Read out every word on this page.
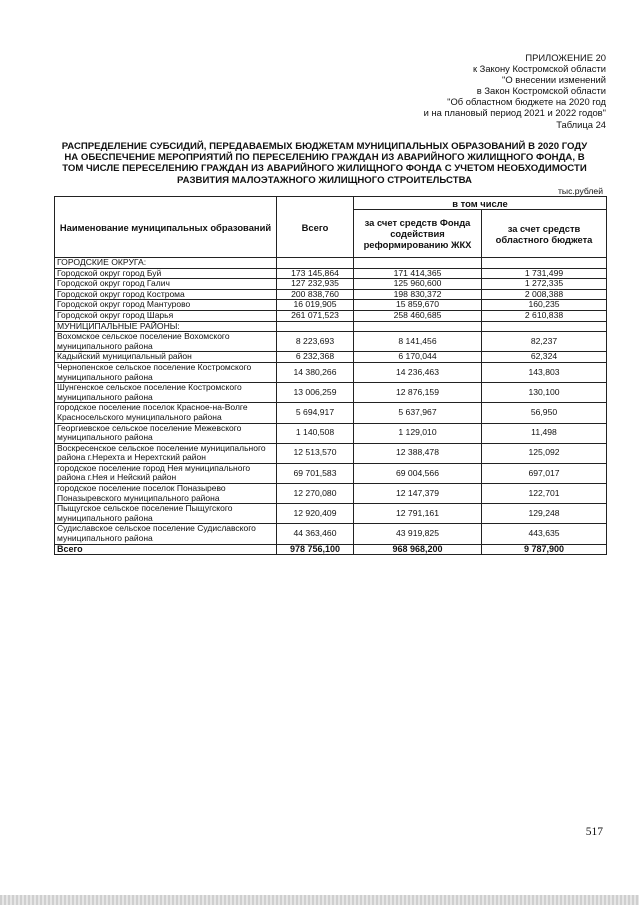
ПРИЛОЖЕНИЕ 20
к Закону Костромской области
"О внесении изменений
в Закон Костромской области
"Об областном бюджете на 2020 год
и на плановый период 2021 и 2022 годов"
Таблица 24
РАСПРЕДЕЛЕНИЕ СУБСИДИЙ, ПЕРЕДАВАЕМЫХ БЮДЖЕТАМ МУНИЦИПАЛЬНЫХ ОБРАЗОВАНИЙ В 2020 ГОДУ
НА ОБЕСПЕЧЕНИЕ МЕРОПРИЯТИЙ ПО ПЕРЕСЕЛЕНИЮ ГРАЖДАН ИЗ АВАРИЙНОГО ЖИЛИЩНОГО ФОНДА, В
ТОМ ЧИСЛЕ ПЕРЕСЕЛЕНИЮ ГРАЖДАН ИЗ АВАРИЙНОГО ЖИЛИЩНОГО ФОНДА С УЧЕТОМ НЕОБХОДИМОСТИ
РАЗВИТИЯ МАЛОЭТАЖНОГО ЖИЛИЩНОГО СТРОИТЕЛЬСТВА
тыс.рублей
Наименование муниципальных образований	Всего	в том числе	
		за счет средств Фонда содействия реформированию ЖКХ	за счет средств областного бюджета
ГОРОДСКИЕ ОКРУГА:			
Городской округ город Буй	173 145,864	171 414,365	1 731,499
Городской округ город Галич	127 232,935	125 960,600	1 272,335
Городской округ город Кострома	200 838,760	198 830,372	2 008,388
Городской округ город Мантурово	16 019,905	15 859,670	160,235
Городской округ город Шарья	261 071,523	258 460,685	2 610,838
МУНИЦИПАЛЬНЫЕ РАЙОНЫ:			
Вохомское сельское поселение Вохомского муниципального района	8 223,693	8 141,456	82,237
Кадыйский муниципальный район	6 232,368	6 170,044	62,324
Чернопенское сельское поселение Костромского муниципального района	14 380,266	14 236,463	143,803
Шунгенское сельское поселение Костромского муниципального района	13 006,259	12 876,159	130,100
городское поселение поселок Красное-на-Волге Красносельского муниципального района	5 694,917	5 637,967	56,950
Георгиевское сельское поселение Межевского муниципального района	1 140,508	1 129,010	11,498
Воскресенское сельское поселение муниципального района г.Нерехта и Нерехтский район	12 513,570	12 388,478	125,092
городское поселение город Нея муниципального района г.Нея и Нейский район	69 701,583	69 004,566	697,017
городское поселение поселок Поназырево Поназыревского муниципального района	12 270,080	12 147,379	122,701
Пыщугское сельское поселение Пыщугского муниципального района	12 920,409	12 791,161	129,248
Судиславское сельское поселение Судиславского муниципального района	44 363,460	43 919,825	443,635
Всего	978 756,100	968 968,200	9 787,900
517
